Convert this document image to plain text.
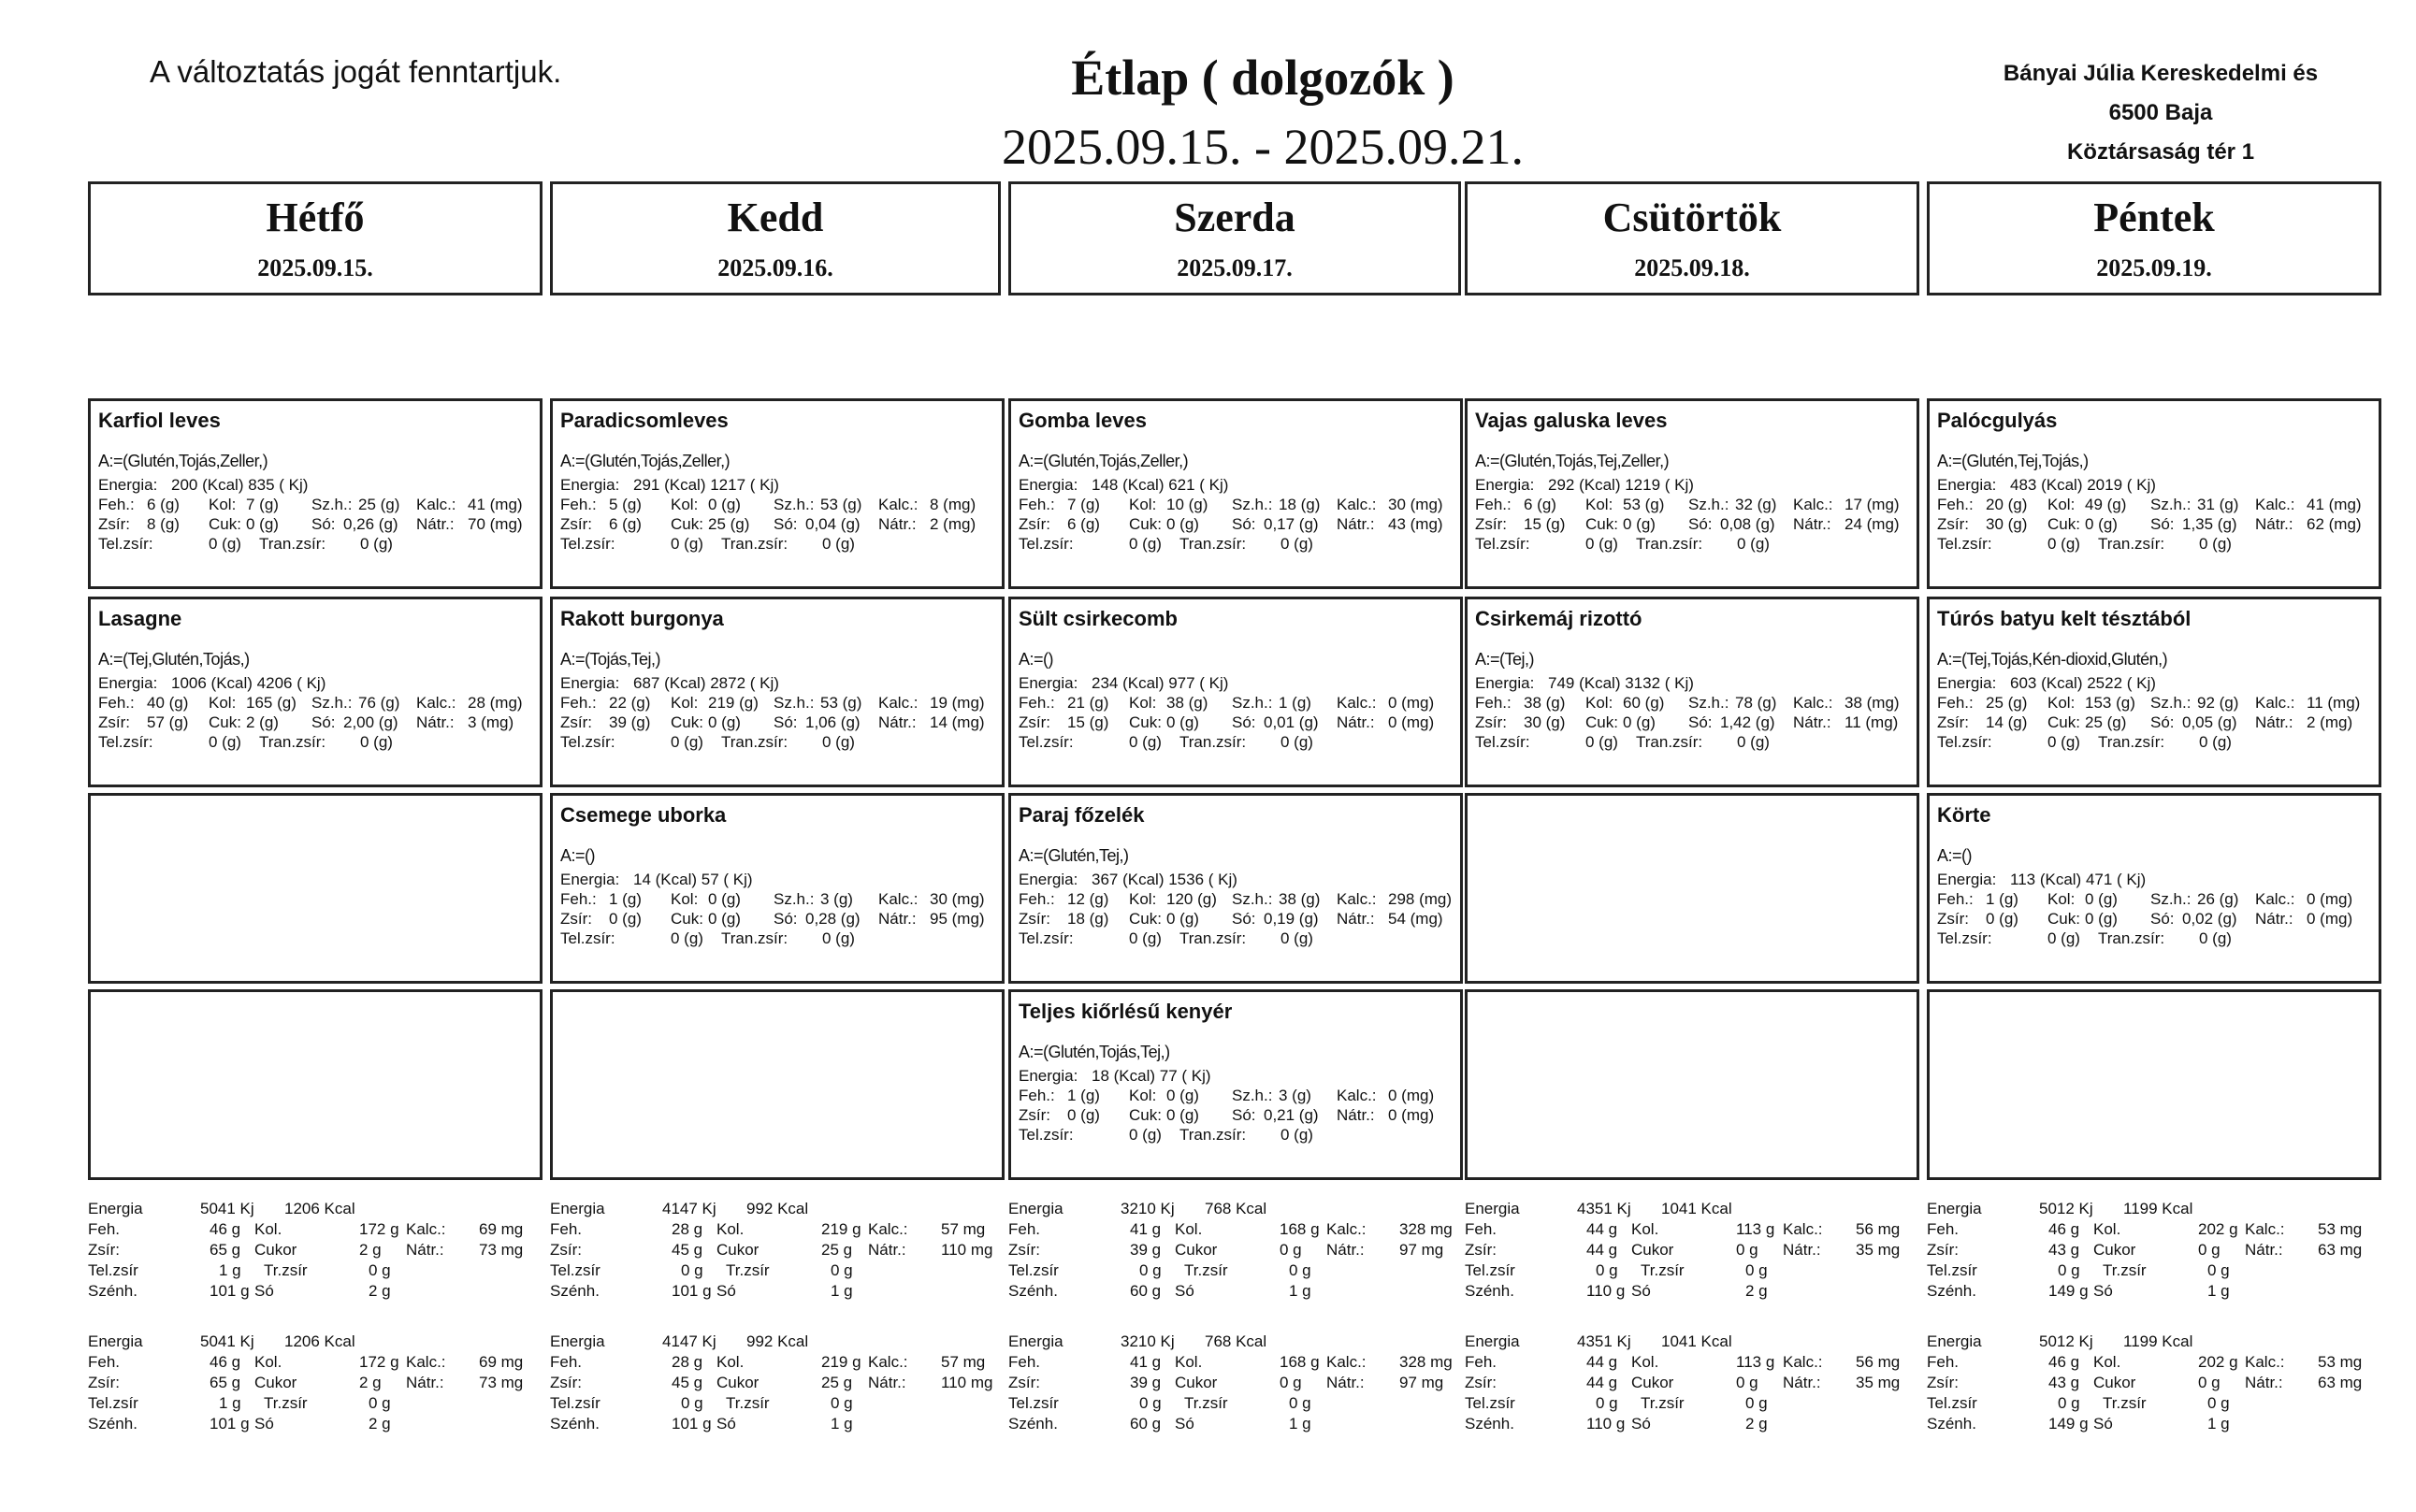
A változtatás jogát fenntartjuk.	Étlap ( dolgozók )
2025.09.15. - 2025.09.21.
Bányai Júlia Kereskedelmi és
6500 Baja
Köztársaság tér 1
Hétfő
2025.09.15.
Karfiol leves
A:=(Glutén,Tojás,Zeller,)
Energia: 200 (Kcal) 835 ( Kj)
Feh.: 6 (g) Kol: 7 (g) Sz.h.: 25 (g) Kalc.: 41 (mg)
Zsír: 8 (g) Cuk: 0 (g) Só: 0,26 (g) Nátr.: 70 (mg)
Tel.zsír:	0 (g) Tran.zsír: 0 (g)
Lasagne
A:=(Tej,Glutén,Tojás,)
Energia: 1006 (Kcal) 4206 ( Kj)
Feh.: 40 (g) Kol: 165 (g) Sz.h.: 76 (g) Kalc.: 28 (mg)
Zsír: 57 (g) Cuk: 2 (g) Só: 2,00 (g) Nátr.: 3 (mg)
Tel.zsír:	0 (g) Tran.zsír: 0 (g)
Energia	5041 Kj 1206 Kcal
Feh.	46 g Kol.	172 g Kalc.: 69 mg
Zsír:	65 g Cukor	2 g Nátr.: 73 mg
Tel.zsír	1 g Tr.zsír	0 g
Szénh.	101 g Só	2 g
Energia	5041 Kj 1206 Kcal
Feh.	46 g Kol.	172 g Kalc.: 69 mg
Zsír:	65 g Cukor	2 g Nátr.: 73 mg
Tel.zsír	1 g Tr.zsír	0 g
Szénh.	101 g Só	2 g
Kedd
2025.09.16.
Paradicsomleves
A:=(Glutén,Tojás,Zeller,)
Energia: 291 (Kcal) 1217 ( Kj)
Feh.: 5 (g) Kol: 0 (g) Sz.h.: 53 (g) Kalc.: 8 (mg)
Zsír: 6 (g) Cuk: 25 (g) Só: 0,04 (g) Nátr.: 2 (mg)
Tel.zsír:	0 (g) Tran.zsír: 0 (g)
Rakott burgonya
A:=(Tojás,Tej,)
Energia: 687 (Kcal) 2872 ( Kj)
Feh.: 22 (g) Kol: 219 (g) Sz.h.: 53 (g) Kalc.: 19 (mg)
Zsír: 39 (g) Cuk: 0 (g) Só: 1,06 (g) Nátr.: 14 (mg)
Tel.zsír:	0 (g) Tran.zsír: 0 (g)
Csemege uborka
A:=()
Energia: 14 (Kcal) 57 ( Kj)
Feh.: 1 (g) Kol: 0 (g) Sz.h.: 3 (g) Kalc.: 30 (mg)
Zsír: 0 (g) Cuk: 0 (g) Só: 0,28 (g) Nátr.: 95 (mg)
Tel.zsír:	0 (g) Tran.zsír: 0 (g)
Energia	4147 Kj 992 Kcal
Feh.	28 g Kol.	219 g Kalc.: 57 mg
Zsír:	45 g Cukor	25 g Nátr.: 110 mg
Tel.zsír	0 g Tr.zsír	0 g
Szénh.	101 g Só	1 g
Energia	4147 Kj 992 Kcal
Feh.	28 g Kol.	219 g Kalc.: 57 mg
Zsír:	45 g Cukor	25 g Nátr.: 110 mg
Tel.zsír	0 g Tr.zsír	0 g
Szénh.	101 g Só	1 g
Szerda
2025.09.17.
Gomba leves
A:=(Glutén,Tojás,Zeller,)
Energia: 148 (Kcal) 621 ( Kj)
Feh.: 7 (g) Kol: 10 (g) Sz.h.: 18 (g) Kalc.: 30 (mg)
Zsír: 6 (g) Cuk: 0 (g) Só: 0,17 (g) Nátr.: 43 (mg)
Tel.zsír:	0 (g) Tran.zsír: 0 (g)
Sült csirkecomb
A:=()
Energia: 234 (Kcal) 977 ( Kj)
Feh.: 21 (g) Kol: 38 (g) Sz.h.: 1 (g) Kalc.: 0 (mg)
Zsír: 15 (g) Cuk: 0 (g) Só: 0,01 (g) Nátr.: 0 (mg)
Tel.zsír:	0 (g) Tran.zsír: 0 (g)
Paraj főzelék
A:=(Glutén,Tej,)
Energia: 367 (Kcal) 1536 ( Kj)
Feh.: 12 (g) Kol: 120 (g) Sz.h.: 38 (g) Kalc.: 298 (mg)
Zsír: 18 (g) Cuk: 0 (g) Só: 0,19 (g) Nátr.: 54 (mg)
Tel.zsír:	0 (g) Tran.zsír: 0 (g)
Teljes kiőrlésű kenyér
A:=(Glutén,Tojás,Tej,)
Energia: 18 (Kcal) 77 ( Kj)
Feh.: 1 (g) Kol: 0 (g) Sz.h.: 3 (g) Kalc.: 0 (mg)
Zsír: 0 (g) Cuk: 0 (g) Só: 0,21 (g) Nátr.: 0 (mg)
Tel.zsír:	0 (g) Tran.zsír: 0 (g)
Energia	3210 Kj 768 Kcal
Feh.	41 g Kol.	168 g Kalc.: 328 mg
Zsír:	39 g Cukor	0 g Nátr.: 97 mg
Tel.zsír	0 g Tr.zsír	0 g
Szénh.	60 g Só	1 g
Energia	3210 Kj 768 Kcal
Feh.	41 g Kol.	168 g Kalc.: 328 mg
Zsír:	39 g Cukor	0 g Nátr.: 97 mg
Tel.zsír	0 g Tr.zsír	0 g
Szénh.	60 g Só	1 g
Csütörtök
2025.09.18.
Vajas galuska leves
A:=(Glutén,Tojás,Tej,Zeller,)
Energia: 292 (Kcal) 1219 ( Kj)
Feh.: 6 (g) Kol: 53 (g) Sz.h.: 32 (g) Kalc.: 17 (mg)
Zsír: 15 (g) Cuk: 0 (g) Só: 0,08 (g) Nátr.: 24 (mg)
Tel.zsír:	0 (g) Tran.zsír: 0 (g)
Csirkemáj rizottó
A:=(Tej,)
Energia: 749 (Kcal) 3132 ( Kj)
Feh.: 38 (g) Kol: 60 (g) Sz.h.: 78 (g) Kalc.: 38 (mg)
Zsír: 30 (g) Cuk: 0 (g) Só: 1,42 (g) Nátr.: 11 (mg)
Tel.zsír:	0 (g) Tran.zsír: 0 (g)
Energia	4351 Kj 1041 Kcal
Feh.	44 g Kol.	113 g Kalc.: 56 mg
Zsír:	44 g Cukor	0 g Nátr.: 35 mg
Tel.zsír	0 g Tr.zsír	0 g
Szénh.	110 g Só	2 g
Energia	4351 Kj 1041 Kcal
Feh.	44 g Kol.	113 g Kalc.: 56 mg
Zsír:	44 g Cukor	0 g Nátr.: 35 mg
Tel.zsír	0 g Tr.zsír	0 g
Szénh.	110 g Só	2 g
Péntek
2025.09.19.
Palócgulyás
A:=(Glutén,Tej,Tojás,)
Energia: 483 (Kcal) 2019 ( Kj)
Feh.: 20 (g) Kol: 49 (g) Sz.h.: 31 (g) Kalc.: 41 (mg)
Zsír: 30 (g) Cuk: 0 (g) Só: 1,35 (g) Nátr.: 62 (mg)
Tel.zsír:	0 (g) Tran.zsír: 0 (g)
Túrós batyu kelt tésztából
A:=(Tej,Tojás,Kén-dioxid,Glutén,)
Energia: 603 (Kcal) 2522 ( Kj)
Feh.: 25 (g) Kol: 153 (g) Sz.h.: 92 (g) Kalc.: 11 (mg)
Zsír: 14 (g) Cuk: 25 (g) Só: 0,05 (g) Nátr.: 2 (mg)
Tel.zsír:	0 (g) Tran.zsír: 0 (g)
Körte
A:=()
Energia: 113 (Kcal) 471 ( Kj)
Feh.: 1 (g) Kol: 0 (g) Sz.h.: 26 (g) Kalc.: 0 (mg)
Zsír: 0 (g) Cuk: 0 (g) Só: 0,02 (g) Nátr.: 0 (mg)
Tel.zsír:	0 (g) Tran.zsír: 0 (g)
Energia	5012 Kj 1199 Kcal
Feh.	46 g Kol.	202 g Kalc.: 53 mg
Zsír:	43 g Cukor	0 g Nátr.: 63 mg
Tel.zsír	0 g Tr.zsír	0 g
Szénh.	149 g Só	1 g
Energia	5012 Kj 1199 Kcal
Feh.	46 g Kol.	202 g Kalc.: 53 mg
Zsír:	43 g Cukor	0 g Nátr.: 63 mg
Tel.zsír	0 g Tr.zsír	0 g
Szénh.	149 g Só	1 g
